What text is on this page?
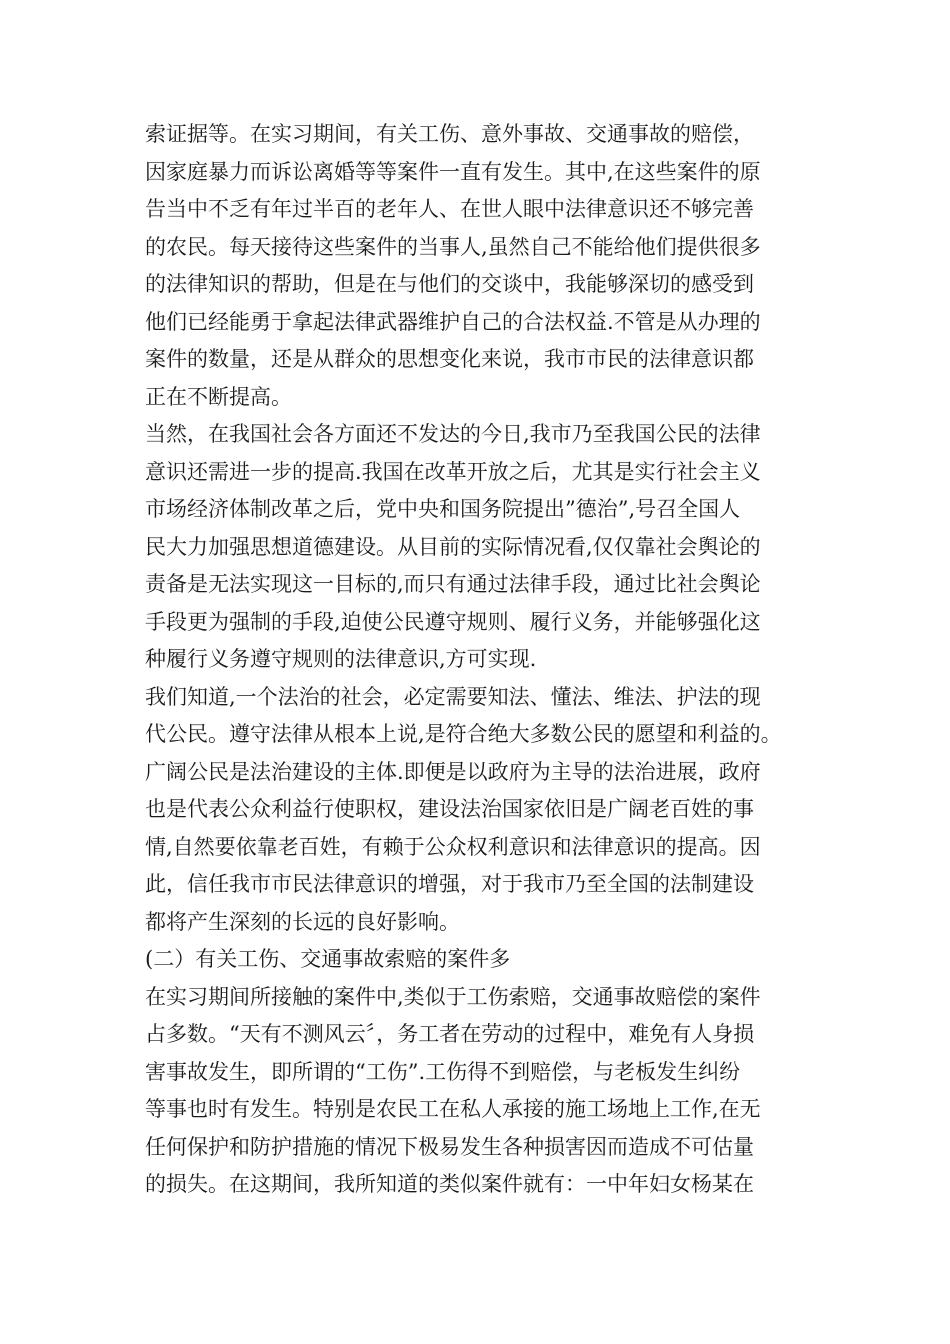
索证据等。在实习期间，有关工伤、意外事故、交通事故的赔偿，
因家庭暴力而诉讼离婚等等案件一直有发生。其中,在这些案件的原
告当中不乏有年过半百的老年人、在世人眼中法律意识还不够完善
的农民。每天接待这些案件的当事人,虽然自己不能给他们提供很多
的法律知识的帮助，但是在与他们的交谈中，我能够深切的感受到
他们已经能勇于拿起法律武器维护自己的合法权益.不管是从办理的
案件的数量，还是从群众的思想变化来说，我市市民的法律意识都
正在不断提高。
当然，在我国社会各方面还不发达的今日,我市乃至我国公民的法律
意识还需进一步的提高.我国在改革开放之后，尤其是实行社会主义
市场经济体制改革之后，党中央和国务院提出”德治”,号召全国人
民大力加强思想道德建设。从目前的实际情况看,仅仅靠社会舆论的
责备是无法实现这一目标的,而只有通过法律手段，通过比社会舆论
手段更为强制的手段,迫使公民遵守规则、履行义务，并能够强化这
种履行义务遵守规则的法律意识,方可实现.
我们知道,一个法治的社会，必定需要知法、懂法、维法、护法的现
代公民。遵守法律从根本上说,是符合绝大多数公民的愿望和利益的。
广阔公民是法治建设的主体.即便是以政府为主导的法治进展，政府
也是代表公众利益行使职权，建设法治国家依旧是广阔老百姓的事
情,自然要依靠老百姓，有赖于公众权利意识和法律意识的提高。因
此，信任我市市民法律意识的增强，对于我市乃至全国的法制建设
都将产生深刻的长远的良好影响。
(二）有关工伤、交通事故索赔的案件多
在实习期间所接触的案件中,类似于工伤索赔，交通事故赔偿的案件
占多数。“天有不测风云〞，务工者在劳动的过程中，难免有人身损
害事故发生，即所谓的“工伤”.工伤得不到赔偿，与老板发生纠纷
等事也时有发生。特别是农民工在私人承接的施工场地上工作,在无
任何保护和防护措施的情况下极易发生各种损害因而造成不可估量
的损失。在这期间，我所知道的类似案件就有：一中年妇女杨某在
